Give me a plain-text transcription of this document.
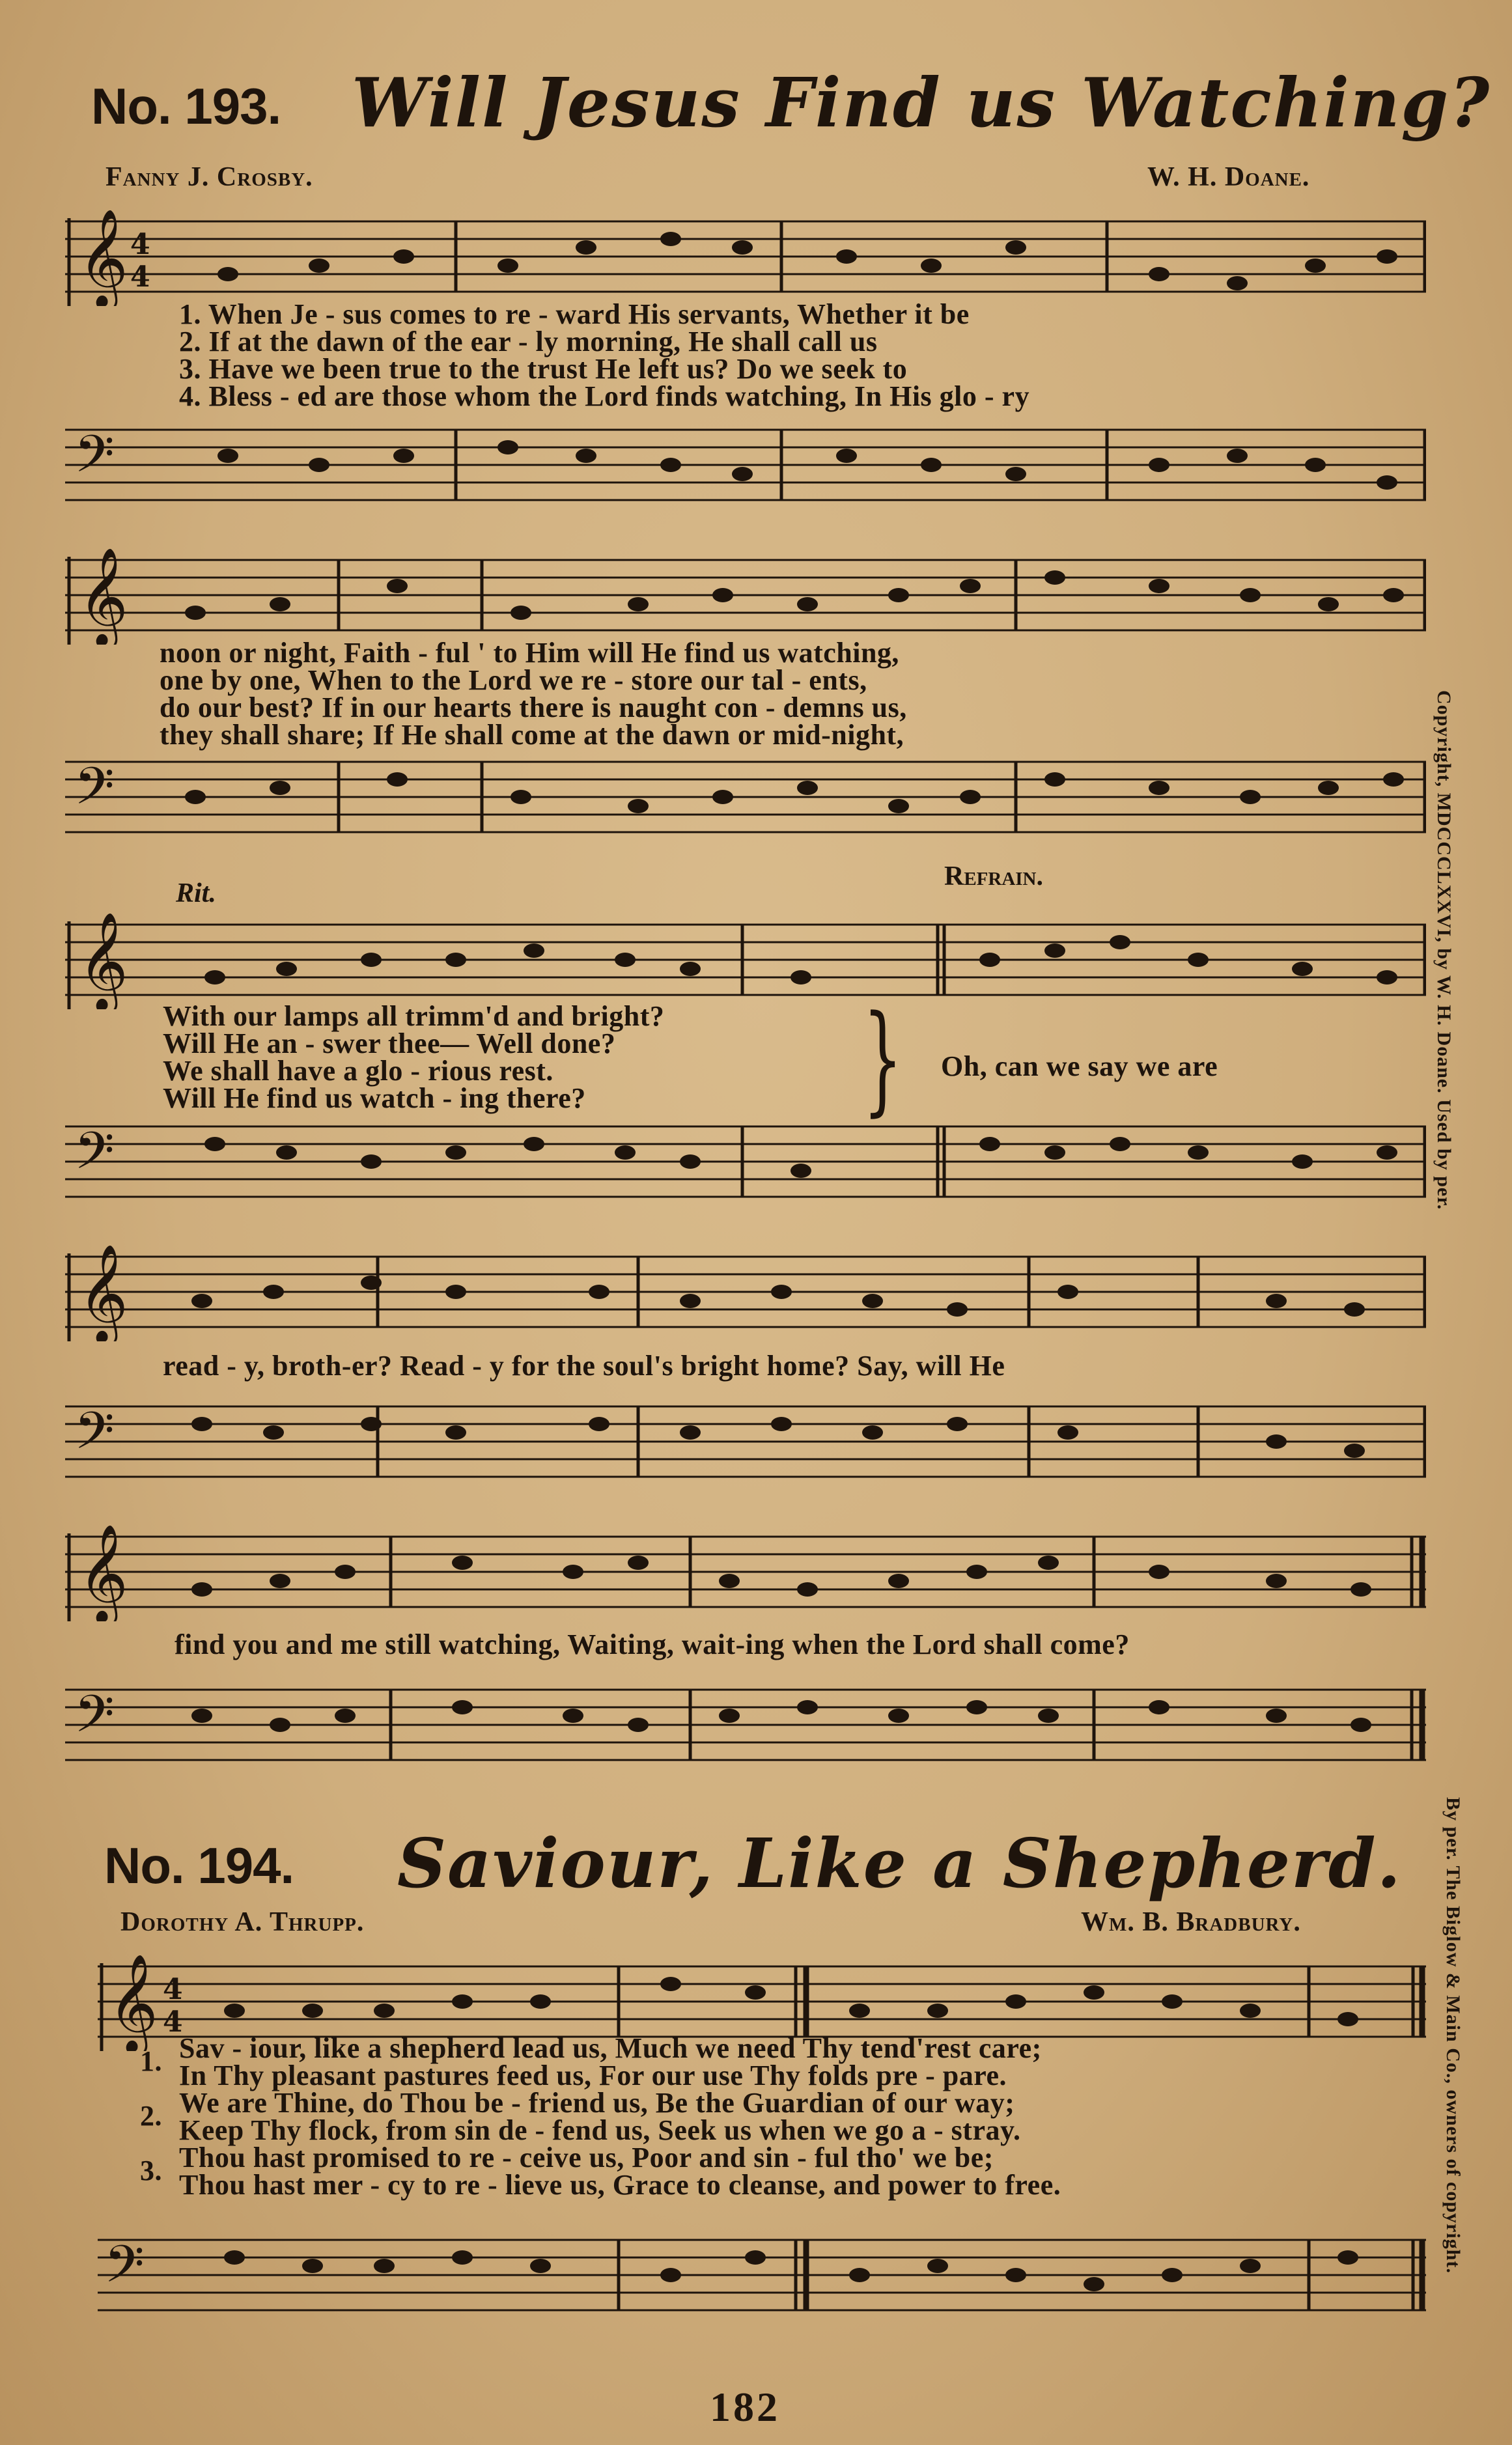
No. 193. Will Jesus Find us Watching?
Fanny J. Crosby.	W. H. Doane.
𝄞 4
4
1. When Je - sus comes to re - ward His servants, Whether it be
2. If at the dawn of the ear - ly morning, He shall call us
3. Have we been true to the trust He left us? Do we seek to
4. Bless - ed are those whom the Lord finds watching, In His glo - ry
𝄢
𝄞
noon or night, Faith - ful ' to Him will He find us watching,
one by one, When to the Lord we re - store our tal - ents,
do our best? If in our hearts there is naught con - demns us,
they shall share; If He shall come at the dawn or mid-night,
𝄢
Rit.
Refrain.
𝄞
With our lamps all trimm'd and bright?
Will He an - swer thee— Well done?
We shall have a glo - rious rest.
Will He find us watch - ing there?	} Oh, can we say we are
𝄢
𝄞
read - y, broth-er? Read - y for the soul's bright home? Say, will He
𝄢
𝄞
find you and me still watching, Waiting, wait-ing when the Lord shall come?
𝄢
No. 194. Saviour, Like a Shepherd.
Dorothy A. Thrupp.	Wm. B. Bradbury.
𝄞 4
4
1.
2.
3.
Sav - iour, like a shepherd lead us, Much we need Thy tend'rest care;
In Thy pleasant pastures feed us, For our use Thy folds pre - pare.
We are Thine, do Thou be - friend us, Be the Guardian of our way;
Keep Thy flock, from sin de - fend us, Seek us when we go a - stray.
Thou hast promised to re - ceive us, Poor and sin - ful tho' we be;
Thou hast mer - cy to re - lieve us, Grace to cleanse, and power to free.
𝄢
Copyright, MDCCCLXXVI, by W. H. Doane. Used by per.
By per. The Biglow & Main Co., owners of copyright.
182
